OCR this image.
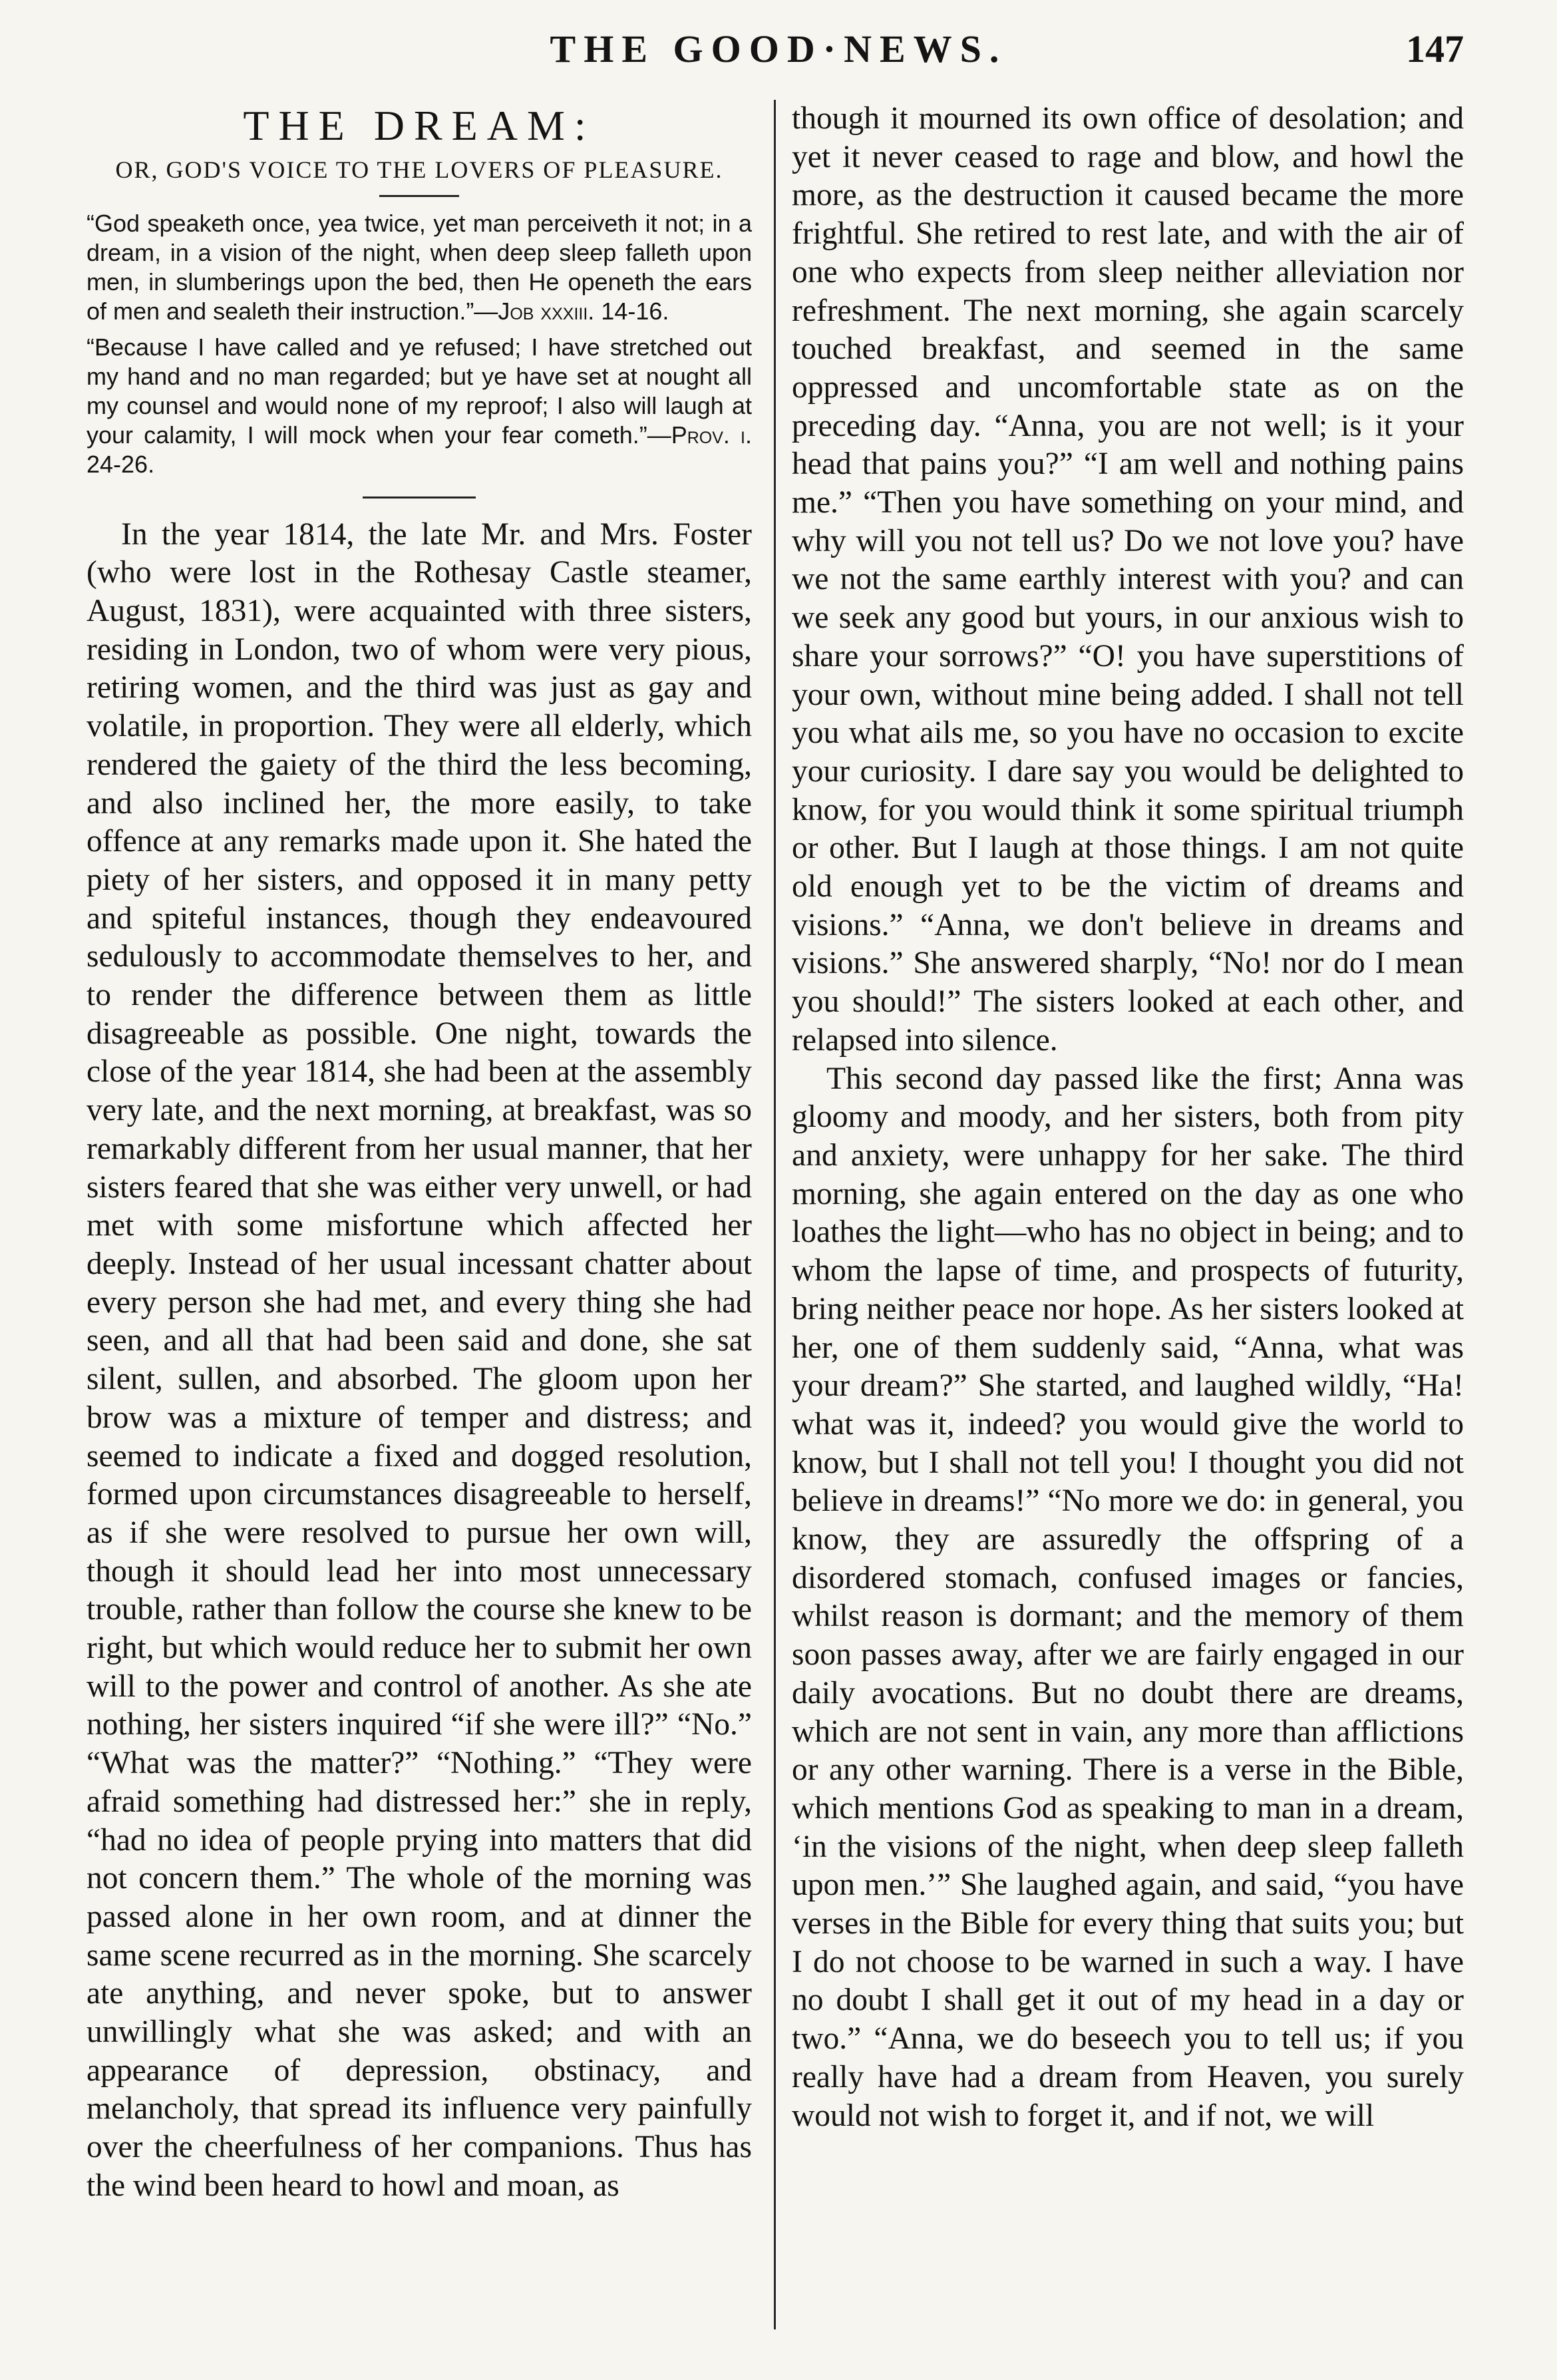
THE GOOD·NEWS.	147
THE DREAM:
OR, GOD'S VOICE TO THE LOVERS OF PLEASURE.

“God speaketh once, yea twice, yet man perceiveth it not; in a dream, in a vision of the night, when deep sleep falleth upon men, in slumberings upon the bed, then He openeth the ears of men and sealeth their instruction.”—Job xxxiii. 14-16.

“Because I have called and ye refused; I have stretched out my hand and no man regarded; but ye have set at nought all my counsel and would none of my reproof; I also will laugh at your calamity, I will mock when your fear cometh.”—Prov. i. 24-26.

In the year 1814, the late Mr. and Mrs. Foster (who were lost in the Rothesay Castle steamer, August, 1831), were acquainted with three sisters, residing in London, two of whom were very pious, retiring women, and the third was just as gay and volatile, in proportion. They were all elderly, which rendered the gaiety of the third the less becoming, and also inclined her, the more easily, to take offence at any remarks made upon it. She hated the piety of her sisters, and opposed it in many petty and spiteful instances, though they endeavoured sedulously to accommodate themselves to her, and to render the difference between them as little disagreeable as possible. One night, towards the close of the year 1814, she had been at the assembly very late, and the next morning, at breakfast, was so remarkably different from her usual manner, that her sisters feared that she was either very unwell, or had met with some misfortune which affected her deeply. Instead of her usual incessant chatter about every person she had met, and every thing she had seen, and all that had been said and done, she sat silent, sullen, and absorbed. The gloom upon her brow was a mixture of temper and distress; and seemed to indicate a fixed and dogged resolution, formed upon circumstances disagreeable to herself, as if she were resolved to pursue her own will, though it should lead her into most unnecessary trouble, rather than follow the course she knew to be right, but which would reduce her to submit her own will to the power and control of another. As she ate nothing, her sisters inquired “if she were ill?” “No.” “What was the matter?” “Nothing.” “They were afraid something had distressed her:” she in reply, “had no idea of people prying into matters that did not concern them.” The whole of the morning was passed alone in her own room, and at dinner the same scene recurred as in the morning. She scarcely ate anything, and never spoke, but to answer unwillingly what she was asked; and with an appearance of depression, obstinacy, and melancholy, that spread its influence very painfully over the cheerfulness of her companions. Thus has the wind been heard to howl and moan, as

though it mourned its own office of desolation; and yet it never ceased to rage and blow, and howl the more, as the destruction it caused became the more frightful. She retired to rest late, and with the air of one who expects from sleep neither alleviation nor refreshment. The next morning, she again scarcely touched breakfast, and seemed in the same oppressed and uncomfortable state as on the preceding day. “Anna, you are not well; is it your head that pains you?” “I am well and nothing pains me.” “Then you have something on your mind, and why will you not tell us? Do we not love you? have we not the same earthly interest with you? and can we seek any good but yours, in our anxious wish to share your sorrows?” “O! you have superstitions of your own, without mine being added. I shall not tell you what ails me, so you have no occasion to excite your curiosity. I dare say you would be delighted to know, for you would think it some spiritual triumph or other. But I laugh at those things. I am not quite old enough yet to be the victim of dreams and visions.” “Anna, we don't believe in dreams and visions.” She answered sharply, “No! nor do I mean you should!” The sisters looked at each other, and relapsed into silence.

This second day passed like the first; Anna was gloomy and moody, and her sisters, both from pity and anxiety, were unhappy for her sake. The third morning, she again entered on the day as one who loathes the light—who has no object in being; and to whom the lapse of time, and prospects of futurity, bring neither peace nor hope. As her sisters looked at her, one of them suddenly said, “Anna, what was your dream?” She started, and laughed wildly, “Ha! what was it, indeed? you would give the world to know, but I shall not tell you! I thought you did not believe in dreams!” “No more we do: in general, you know, they are assuredly the offspring of a disordered stomach, confused images or fancies, whilst reason is dormant; and the memory of them soon passes away, after we are fairly engaged in our daily avocations. But no doubt there are dreams, which are not sent in vain, any more than afflictions or any other warning. There is a verse in the Bible, which mentions God as speaking to man in a dream, ‘in the visions of the night, when deep sleep falleth upon men.’” She laughed again, and said, “you have verses in the Bible for every thing that suits you; but I do not choose to be warned in such a way. I have no doubt I shall get it out of my head in a day or two.” “Anna, we do beseech you to tell us; if you really have had a dream from Heaven, you surely would not wish to forget it, and if not, we will
